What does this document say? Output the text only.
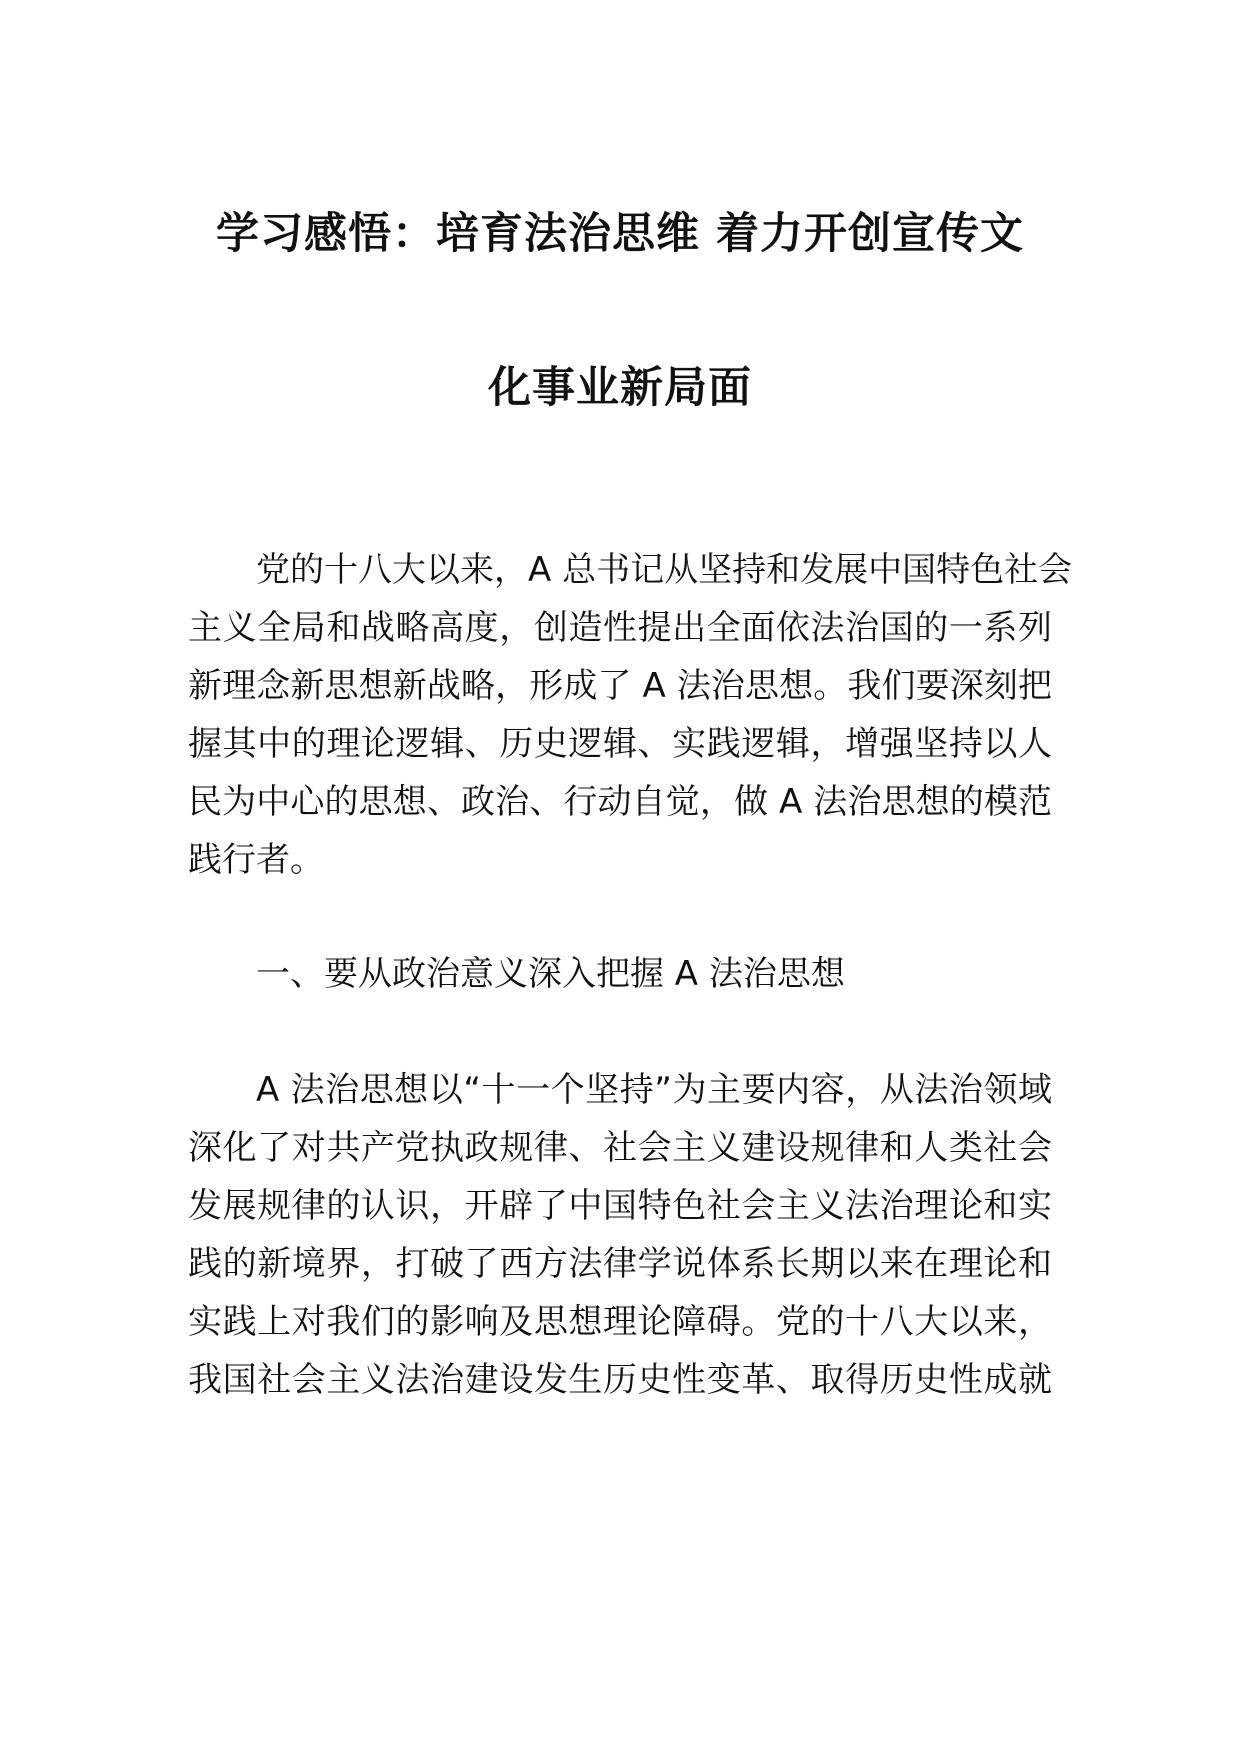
学习感悟：培育法治思维 着力开创宣传文
化事业新局面
党的十八大以来，A 总书记从坚持和发展中国特色社会
主义全局和战略高度，创造性提出全面依法治国的一系列
新理念新思想新战略，形成了 A 法治思想。我们要深刻把
握其中的理论逻辑、历史逻辑、实践逻辑，增强坚持以人
民为中心的思想、政治、行动自觉，做 A 法治思想的模范
践行者。
一、要从政治意义深入把握 A 法治思想
A 法治思想以“十一个坚持”为主要内容，从法治领域
深化了对共产党执政规律、社会主义建设规律和人类社会
发展规律的认识，开辟了中国特色社会主义法治理论和实
践的新境界，打破了西方法律学说体系长期以来在理论和
实践上对我们的影响及思想理论障碍。党的十八大以来，
我国社会主义法治建设发生历史性变革、取得历史性成就
